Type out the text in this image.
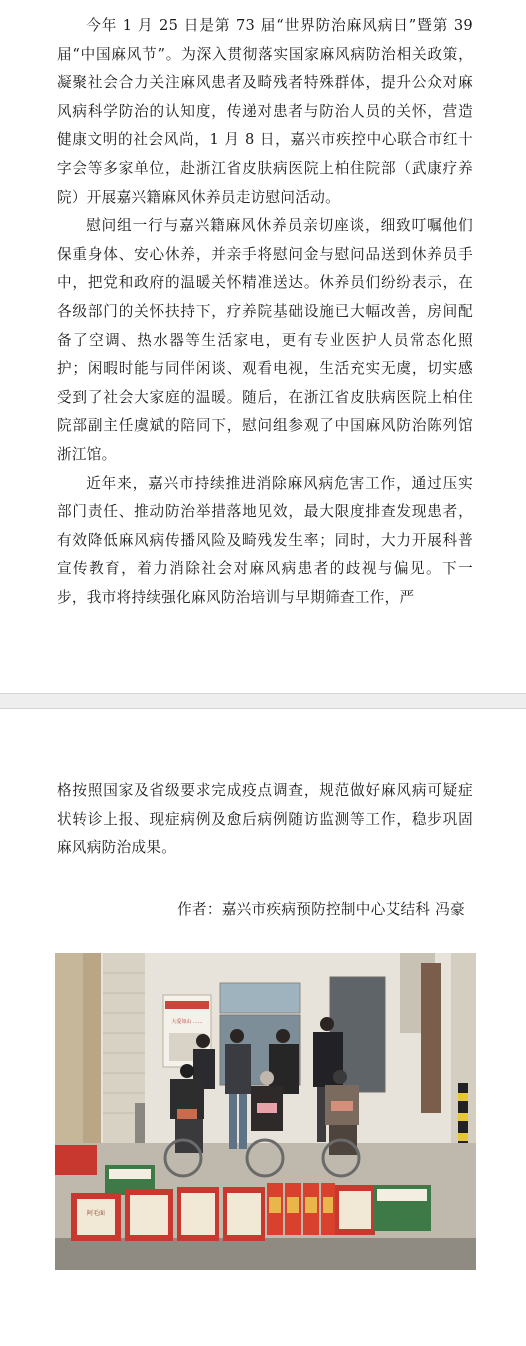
今年 1 月 25 日是第 73 届“世界防治麻风病日”暨第 39 届“中国麻风节”。为深入贯彻落实国家麻风病防治相关政策，凝聚社会合力关注麻风患者及畸残者特殊群体，提升公众对麻风病科学防治的认知度，传递对患者与防治人员的关怀，营造健康文明的社会风尚，1 月 8 日，嘉兴市疾控中心联合市红十字会等多家单位，赴浙江省皮肤病医院上柏住院部（武康疗养院）开展嘉兴籍麻风休养员走访慰问活动。

慰问组一行与嘉兴籍麻风休养员亲切座谈，细致叮嘱他们保重身体、安心休养，并亲手将慰问金与慰问品送到休养员手中，把党和政府的温暖关怀精准送达。休养员们纷纷表示，在各级部门的关怀扶持下，疗养院基础设施已大幅改善，房间配备了空调、热水器等生活家电，更有专业医护人员常态化照护；闲暇时能与同伴闲谈、观看电视，生活充实无虞，切实感受到了社会大家庭的温暖。随后，在浙江省皮肤病医院上柏住院部副主任虞斌的陪同下，慰问组参观了中国麻风防治陈列馆浙江馆。

近年来，嘉兴市持续推进消除麻风病危害工作，通过压实部门责任、推动防治举措落地见效，最大限度排查发现患者，有效降低麻风病传播风险及畸残发生率；同时，大力开展科普宣传教育，着力消除社会对麻风病患者的歧视与偏见。下一步，我市将持续强化麻风防治培训与早期筛查工作，严

格按照国家及省级要求完成疫点调查，规范做好麻风病可疑症状转诊上报、现症病例及愈后病例随访监测等工作，稳步巩固麻风病防治成果。

作者：嘉兴市疾病预防控制中心艾结科 冯豪
大爱如山 ......
阿毛面
